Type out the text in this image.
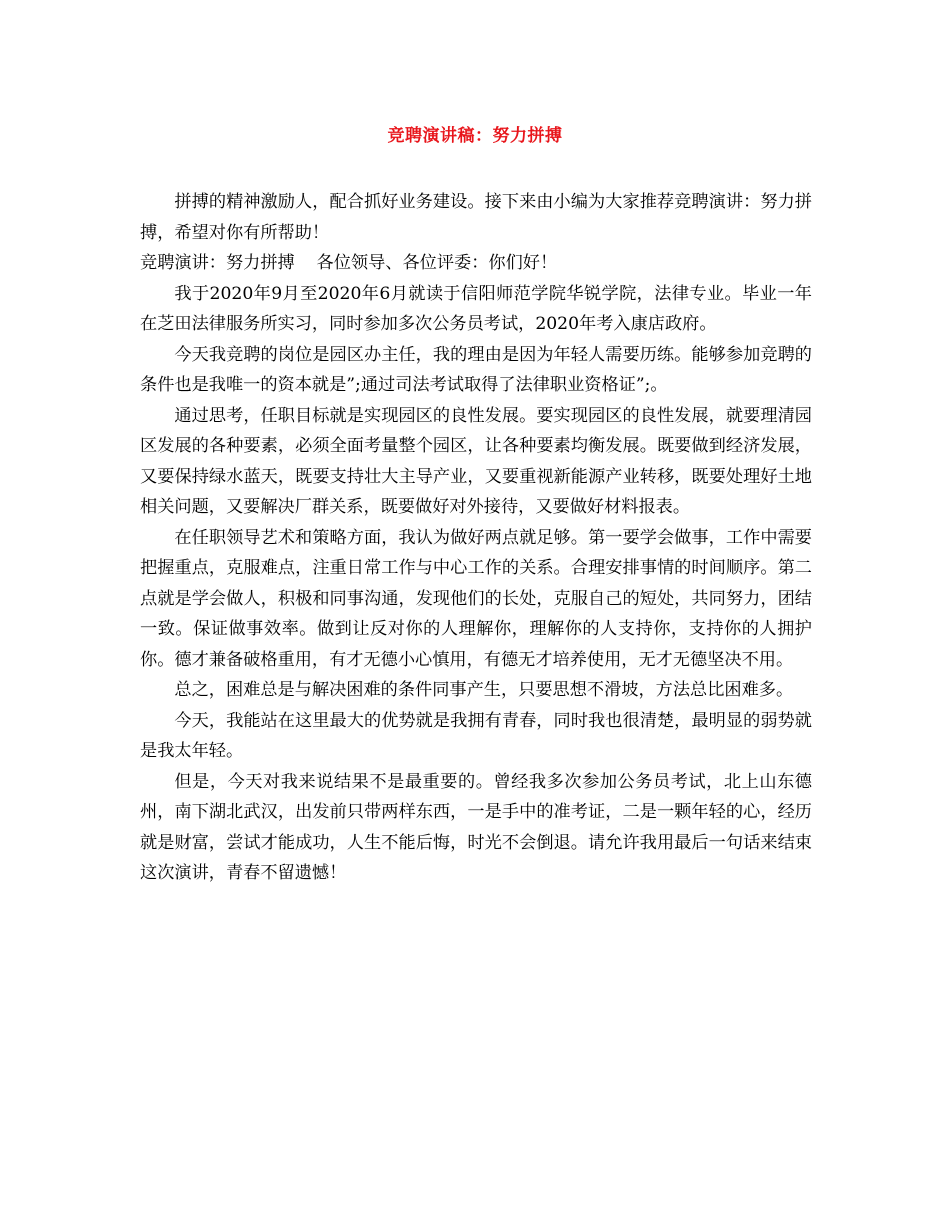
竞聘演讲稿：努力拼搏

拼搏的精神激励人，配合抓好业务建设。接下来由小编为大家推荐竞聘演讲：努力拼搏，希望对你有所帮助！

竞聘演讲：努力拼搏    各位领导、各位评委：你们好！

我于2020年9月至2020年6月就读于信阳师范学院华锐学院，法律专业。毕业一年在芝田法律服务所实习，同时参加多次公务员考试，2020年考入康店政府。

今天我竞聘的岗位是园区办主任，我的理由是因为年轻人需要历练。能够参加竞聘的条件也是我唯一的资本就是”;通过司法考试取得了法律职业资格证”;。

通过思考，任职目标就是实现园区的良性发展。要实现园区的良性发展，就要理清园区发展的各种要素，必须全面考量整个园区，让各种要素均衡发展。既要做到经济发展，又要保持绿水蓝天，既要支持壮大主导产业，又要重视新能源产业转移，既要处理好土地相关问题，又要解决厂群关系，既要做好对外接待，又要做好材料报表。

在任职领导艺术和策略方面，我认为做好两点就足够。第一要学会做事，工作中需要把握重点，克服难点，注重日常工作与中心工作的关系。合理安排事情的时间顺序。第二点就是学会做人，积极和同事沟通，发现他们的长处，克服自己的短处，共同努力，团结一致。保证做事效率。做到让反对你的人理解你，理解你的人支持你，支持你的人拥护你。德才兼备破格重用，有才无德小心慎用，有德无才培养使用，无才无德坚决不用。

总之，困难总是与解决困难的条件同事产生，只要思想不滑坡，方法总比困难多。

今天，我能站在这里最大的优势就是我拥有青春，同时我也很清楚，最明显的弱势就是我太年轻。

但是，今天对我来说结果不是最重要的。曾经我多次参加公务员考试，北上山东德州，南下湖北武汉，出发前只带两样东西，一是手中的准考证，二是一颗年轻的心，经历就是财富，尝试才能成功，人生不能后悔，时光不会倒退。请允许我用最后一句话来结束这次演讲，青春不留遗憾！
